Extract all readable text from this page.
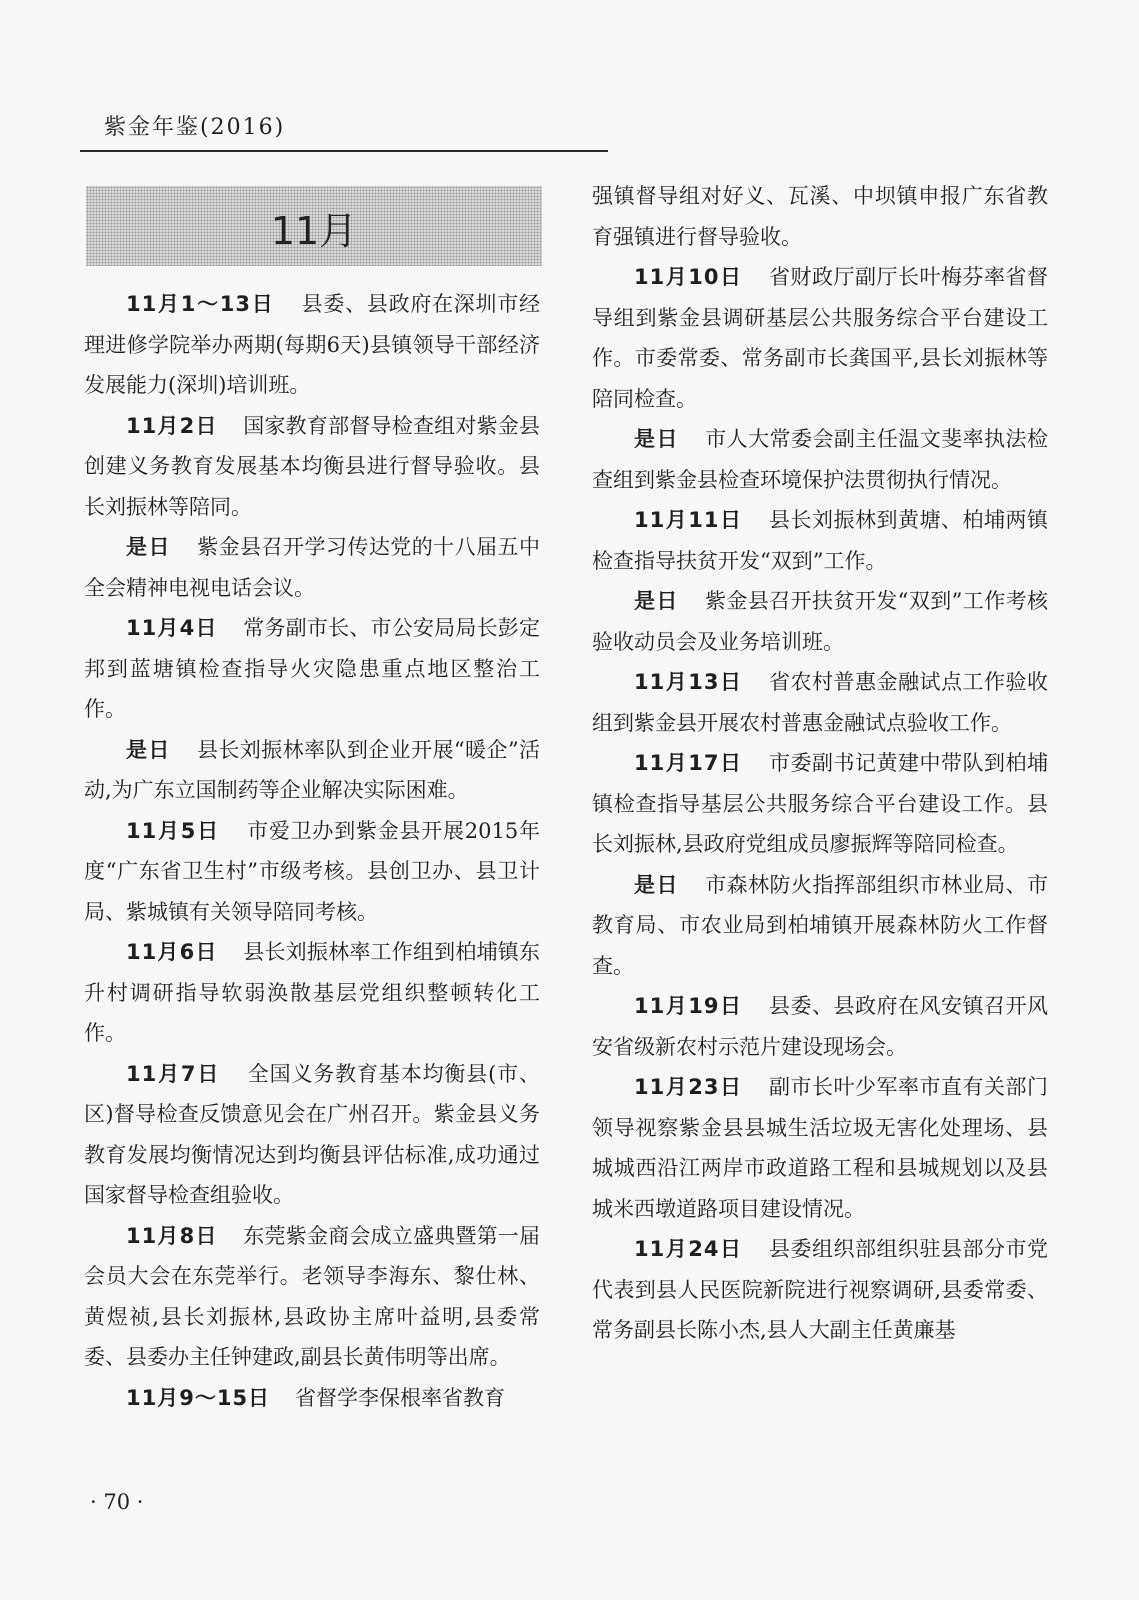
紫金年鉴(2016)
11月

11月1～13日 县委、县政府在深圳市经理进修学院举办两期(每期6天)县镇领导干部经济发展能力(深圳)培训班。

11月2日 国家教育部督导检查组对紫金县创建义务教育发展基本均衡县进行督导验收。县长刘振林等陪同。

是日 紫金县召开学习传达党的十八届五中全会精神电视电话会议。

11月4日 常务副市长、市公安局局长彭定邦到蓝塘镇检查指导火灾隐患重点地区整治工作。

是日 县长刘振林率队到企业开展“暖企”活动,为广东立国制药等企业解决实际困难。

11月5日 市爱卫办到紫金县开展2015年度“广东省卫生村”市级考核。县创卫办、县卫计局、紫城镇有关领导陪同考核。

11月6日 县长刘振林率工作组到柏埔镇东升村调研指导软弱涣散基层党组织整顿转化工作。

11月7日 全国义务教育基本均衡县(市、区)督导检查反馈意见会在广州召开。紫金县义务教育发展均衡情况达到均衡县评估标准,成功通过国家督导检查组验收。

11月8日 东莞紫金商会成立盛典暨第一届会员大会在东莞举行。老领导李海东、黎仕林、黄煜祯,县长刘振林,县政协主席叶益明,县委常委、县委办主任钟建政,副县长黄伟明等出席。

11月9～15日 省督学李保根率省教育

强镇督导组对好义、瓦溪、中坝镇申报广东省教育强镇进行督导验收。

11月10日 省财政厅副厅长叶梅芬率省督导组到紫金县调研基层公共服务综合平台建设工作。市委常委、常务副市长龚国平,县长刘振林等陪同检查。

是日 市人大常委会副主任温文斐率执法检查组到紫金县检查环境保护法贯彻执行情况。

11月11日 县长刘振林到黄塘、柏埔两镇检查指导扶贫开发“双到”工作。

是日 紫金县召开扶贫开发“双到”工作考核验收动员会及业务培训班。

11月13日 省农村普惠金融试点工作验收组到紫金县开展农村普惠金融试点验收工作。

11月17日 市委副书记黄建中带队到柏埔镇检查指导基层公共服务综合平台建设工作。县长刘振林,县政府党组成员廖振辉等陪同检查。

是日 市森林防火指挥部组织市林业局、市教育局、市农业局到柏埔镇开展森林防火工作督查。

11月19日 县委、县政府在风安镇召开风安省级新农村示范片建设现场会。

11月23日 副市长叶少军率市直有关部门领导视察紫金县县城生活垃圾无害化处理场、县城城西沿江两岸市政道路工程和县城规划以及县城米西墩道路项目建设情况。

11月24日 县委组织部组织驻县部分市党代表到县人民医院新院进行视察调研,县委常委、常务副县长陈小杰,县人大副主任黄廉基

· 70 ·
